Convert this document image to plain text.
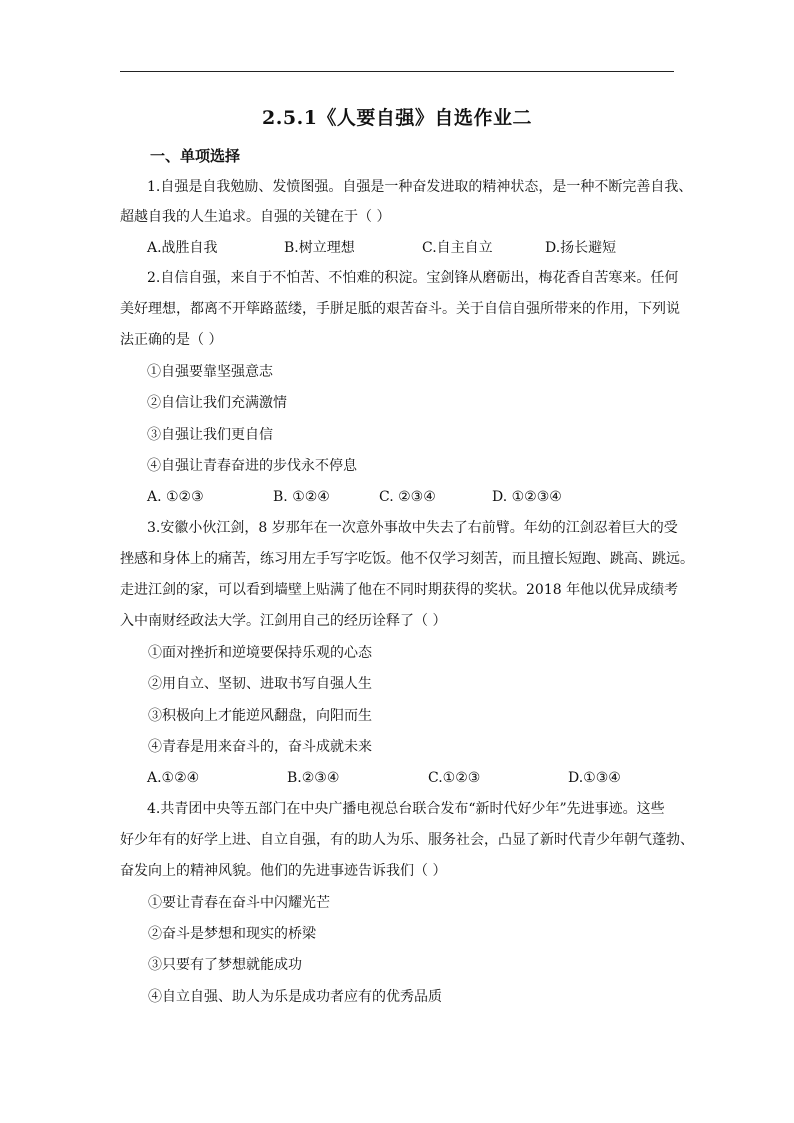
2.5.1《人要自强》自选作业二
一、单项选择
1.自强是自我勉励、发愤图强。自强是一种奋发进取的精神状态，是一种不断完善自我、
超越自我的人生追求。自强的关键在于（ ）
A.战胜自我	B.树立理想	C.自主自立	D.扬长避短
2.自信自强，来自于不怕苦、不怕难的积淀。宝剑锋从磨砺出，梅花香自苦寒来。任何
美好理想，都离不开筚路蓝缕，手胼足胝的艰苦奋斗。关于自信自强所带来的作用，下列说
法正确的是（ ）
①自强要靠坚强意志
②自信让我们充满激情
③自强让我们更自信
④自强让青春奋进的步伐永不停息
A. ①②③	B. ①②④	C. ②③④	D. ①②③④
3.安徽小伙江剑，8 岁那年在一次意外事故中失去了右前臂。年幼的江剑忍着巨大的受
挫感和身体上的痛苦，练习用左手写字吃饭。他不仅学习刻苦，而且擅长短跑、跳高、跳远。
走进江剑的家，可以看到墙壁上贴满了他在不同时期获得的奖状。2018 年他以优异成绩考
入中南财经政法大学。江剑用自己的经历诠释了（ ）
①面对挫折和逆境要保持乐观的心态
②用自立、坚韧、进取书写自强人生
③积极向上才能逆风翻盘，向阳而生
④青春是用来奋斗的，奋斗成就未来
A.①②④	B.②③④	C.①②③	D.①③④
4.共青团中央等五部门在中央广播电视总台联合发布“新时代好少年”先进事迹。这些
好少年有的好学上进、自立自强，有的助人为乐、服务社会，凸显了新时代青少年朝气蓬勃、
奋发向上的精神风貌。他们的先进事迹告诉我们（ ）
①要让青春在奋斗中闪耀光芒
②奋斗是梦想和现实的桥梁
③只要有了梦想就能成功
④自立自强、助人为乐是成功者应有的优秀品质
